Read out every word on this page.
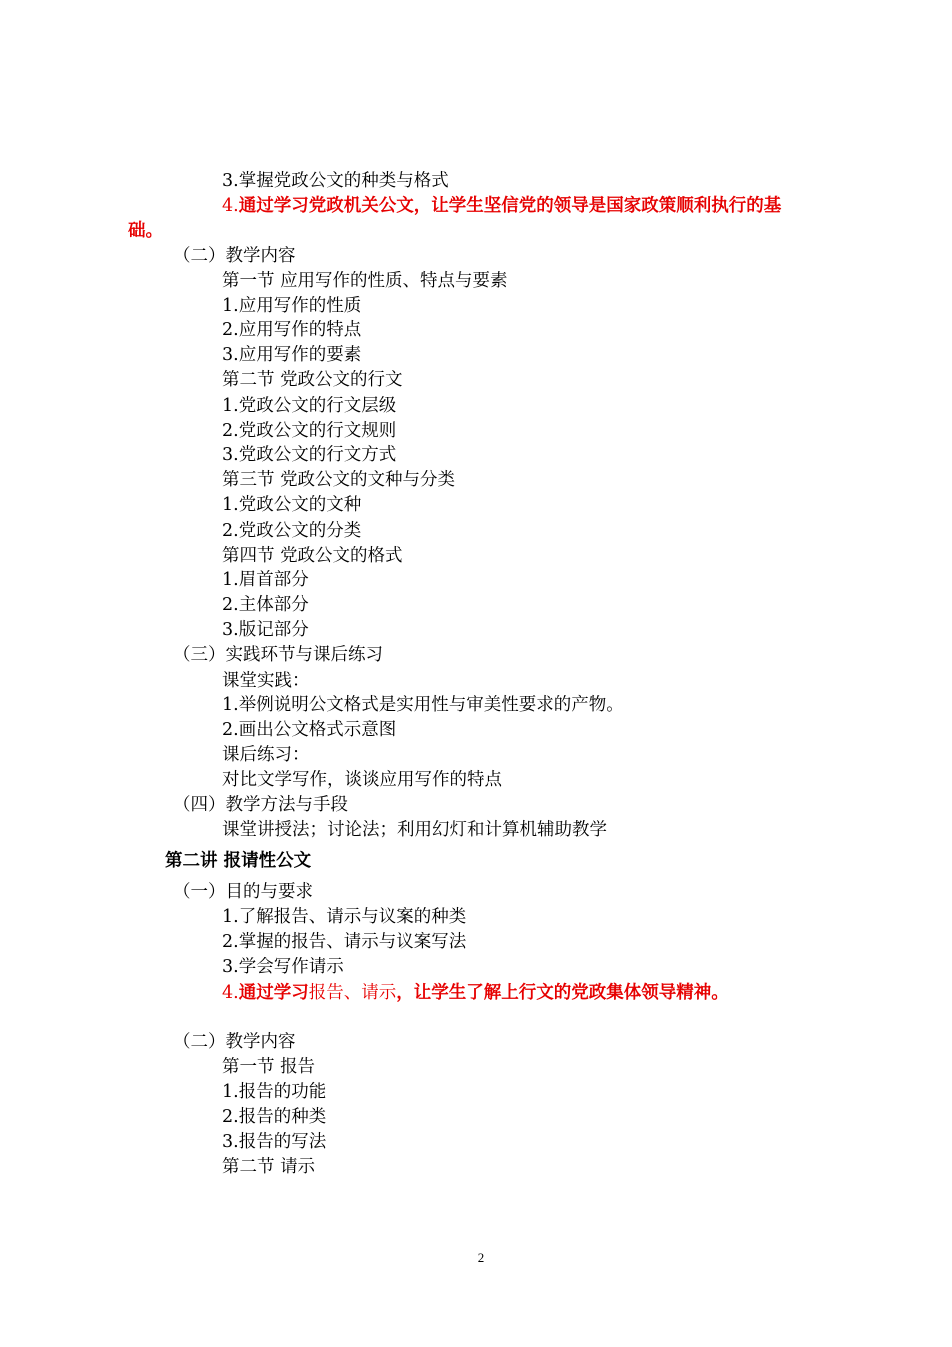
3.掌握党政公文的种类与格式

4.通过学习党政机关公文，让学生坚信党的领导是国家政策顺利执行的基

础。

（二）教学内容

第一节 应用写作的性质、特点与要素

1.应用写作的性质

2.应用写作的特点

3.应用写作的要素

第二节 党政公文的行文

1.党政公文的行文层级

2.党政公文的行文规则

3.党政公文的行文方式

第三节 党政公文的文种与分类

1.党政公文的文种

2.党政公文的分类

第四节 党政公文的格式

1.眉首部分

2.主体部分

3.版记部分

（三）实践环节与课后练习

课堂实践：

1.举例说明公文格式是实用性与审美性要求的产物。

2.画出公文格式示意图

课后练习：

对比文学写作，谈谈应用写作的特点

（四）教学方法与手段

课堂讲授法；讨论法；利用幻灯和计算机辅助教学

第二讲 报请性公文

（一）目的与要求

1.了解报告、请示与议案的种类

2.掌握的报告、请示与议案写法

3.学会写作请示

4.通过学习报告、请示，让学生了解上行文的党政集体领导精神。

（二）教学内容

第一节 报告

1.报告的功能

2.报告的种类

3.报告的写法

第二节 请示

2
